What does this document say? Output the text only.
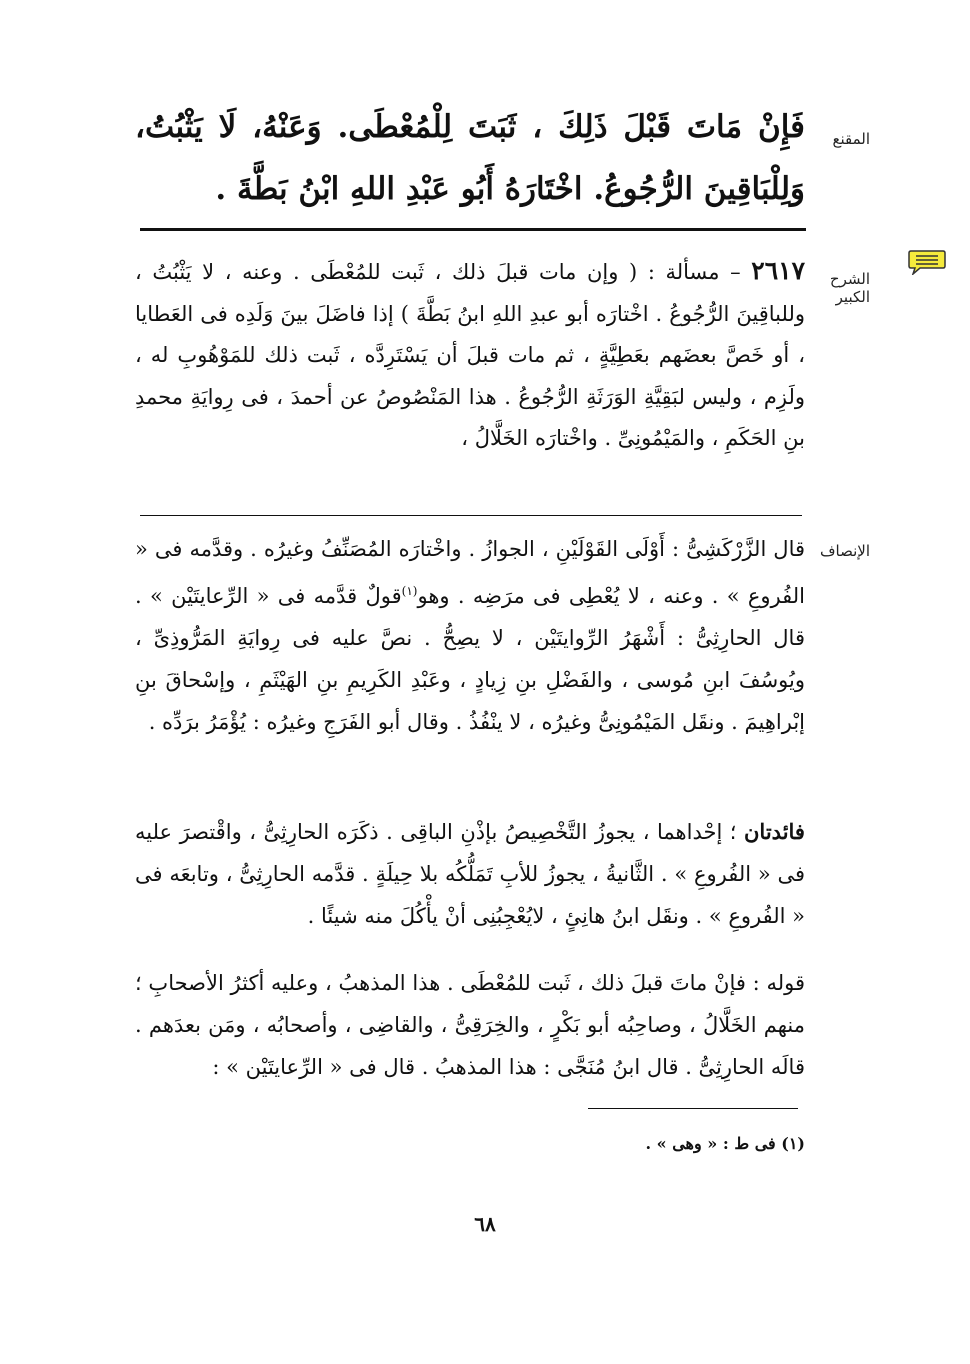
المقنع
فَإِنْ مَاتَ قَبْلَ ذَلِكَ ، ثَبَتَ لِلْمُعْطَى. وَعَنْهُ، لَا يَثْبُتُ، وَلِلْبَاقِينَ الرُّجُوعُ. اخْتَارَهُ أَبُو عَبْدِ اللهِ ابْنُ بَطَّةَ .
الشرح الكبير
٢٦١٧ – مسألة : ( وإن مات قبلَ ذلك ، ثَبت للمُعْطَى . وعنه ، لا يَثْبُتُ ، وللباقِينَ الرُّجُوعُ . اخْتارَه أبو عبدِ اللهِ ابنُ بَطَّةَ ) إذا فاضَلَ بينَ وَلَدِه فى العَطايا ، أو خَصَّ بعضَهم بعَطِيَّةٍ ، ثم مات قبلَ أن يَسْتَرِدَّه ، ثَبت ذلك للمَوْهُوبِ له ، ولَزِم ، وليس لبَقِيَّةِ الوَرَثَةِ الرُّجُوعُ . هذا المَنْصُوصُ عن أحمدَ ، فى رِوايَةِ محمدِ بنِ الحَكَمِ ، والمَيْمُونِىِّ . واخْتارَه الخَلَّالُ ،
الإنصاف
قال الزَّرْكَشِىُّ : أَوْلَى القَوْلَيْنِ ، الجوازُ . واخْتارَه المُصَنِّفُ وغيرُه . وقدَّمه فى « الفُروعِ » . وعنه ، لا يُعْطِى فى مرَضِه . وهو$^{(١)}$قولٌ قدَّمه فى « الرِّعايتَيْن » . قال الحارِثِىُّ : أَشْهَرُ الرِّوايتَيْن ، لا يصِحُّ . نصَّ عليه فى رِوايَةِ المَرُّوذِىِّ ، ويُوسُفَ ابنِ مُوسى ، والفَضْلِ بنِ زِيادٍ ، وعَبْدِ الكَرِيمِ بنِ الهَيْثَمِ ، وإسْحاقَ بنِ إبْراهِيمَ . ونقَل المَيْمُونِىُّ وغيرُه ، لا ينْفُذُ . وقال أبو الفَرَجِ وغيرُه : يُؤْمَرُ برَدِّه .
فائدتان ؛ إحْداهما ، يجوزُ التَّخْصِيصُ بإذْنِ الباقِى . ذكَرَه الحارِثِىُّ ، واقْتصرَ عليه فى « الفُروعِ » . الثَّانيةُ ، يجوزُ للأبِ تَمَلُّكُه بلا حِيلَةٍ . قدَّمه الحارِثِىُّ ، وتابعَه فى « الفُروعِ » . ونقَل ابنُ هانِئٍ ، لايُعْجِبُنِى أنْ يأْكُلَ منه شيئًا .
قوله : فإنْ ماتَ قبلَ ذلك ، ثَبت للمُعْطَى . هذا المذهبُ ، وعليه أكثرُ الأصحابِ ؛ منهم الخَلَّالُ ، وصاحِبُه أبو بَكْرٍ ، والخِرَقِىُّ ، والقاضِى ، وأصحابُه ، ومَن بعدَهم . قالَه الحارِثِىُّ . قال ابنُ مُنَجَّى : هذا المذهبُ . قال فى « الرِّعايتَيْن » :
(١) فى ط : « وهى » .
٦٨
